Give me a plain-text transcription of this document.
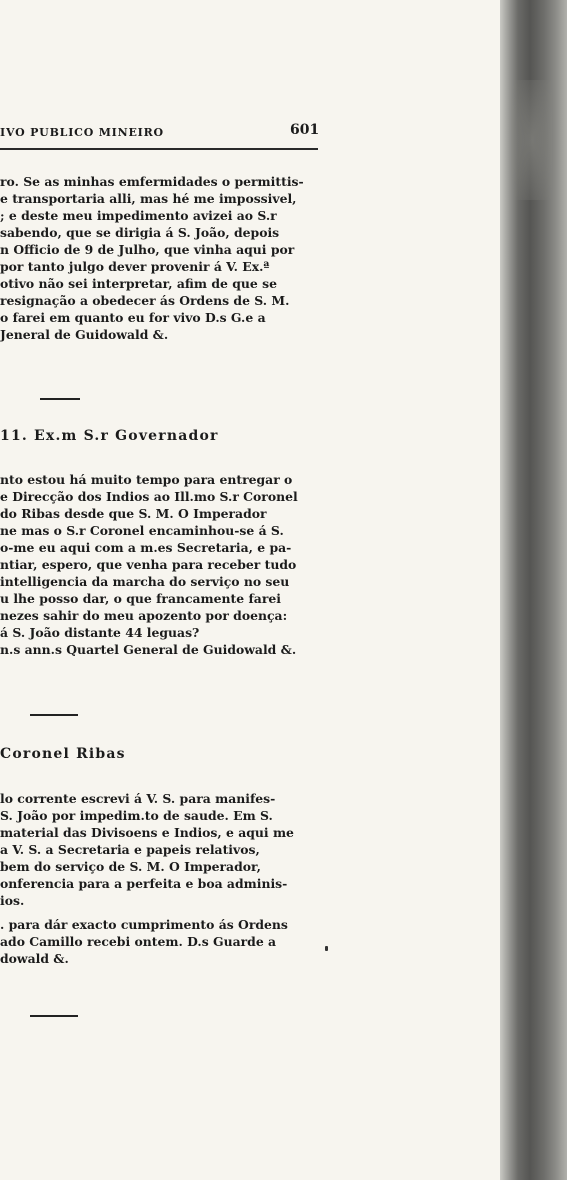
IVO PUBLICO MINEIRO	601
ro. Se as minhas emfermidades o permittis-
e transportaria alli, mas hé me impossivel,
; e deste meu impedimento avizei ao S.r
sabendo, que se dirigia á S. João, depois
n Officio de 9 de Julho, que vinha aqui por
por tanto julgo dever provenir á V. Ex.ª
otivo não sei interpretar, afim de que se
resignação a obedecer ás Ordens de S. M.
o farei em quanto eu for vivo D.s G.e a
Jeneral de Guidowald &.
11. Ex.m S.r Governador
nto estou há muito tempo para entregar o
e Direcção dos Indios ao Ill.mo S.r Coronel
do Ribas desde que S. M. O Imperador
ne mas o S.r Coronel encaminhou-se á S.
o-me eu aqui com a m.es Secretaria, e pa-
ntiar, espero, que venha para receber tudo
intelligencia da marcha do serviço no seu
u lhe posso dar, o que francamente farei
nezes sahir do meu apozento por doença:
á S. João distante 44 leguas?
n.s ann.s Quartel General de Guidowald &.
Coronel Ribas
lo corrente escrevi á V. S. para manifes-
S. João por impedim.to de saude. Em S.
material das Divisoens e Indios, e aqui me
a V. S. a Secretaria e papeis relativos,
bem do serviço de S. M. O Imperador,
onferencia para a perfeita e boa adminis-
ios.
. para dár exacto cumprimento ás Ordens
ado Camillo recebi ontem. D.s Guarde a
dowald &.
